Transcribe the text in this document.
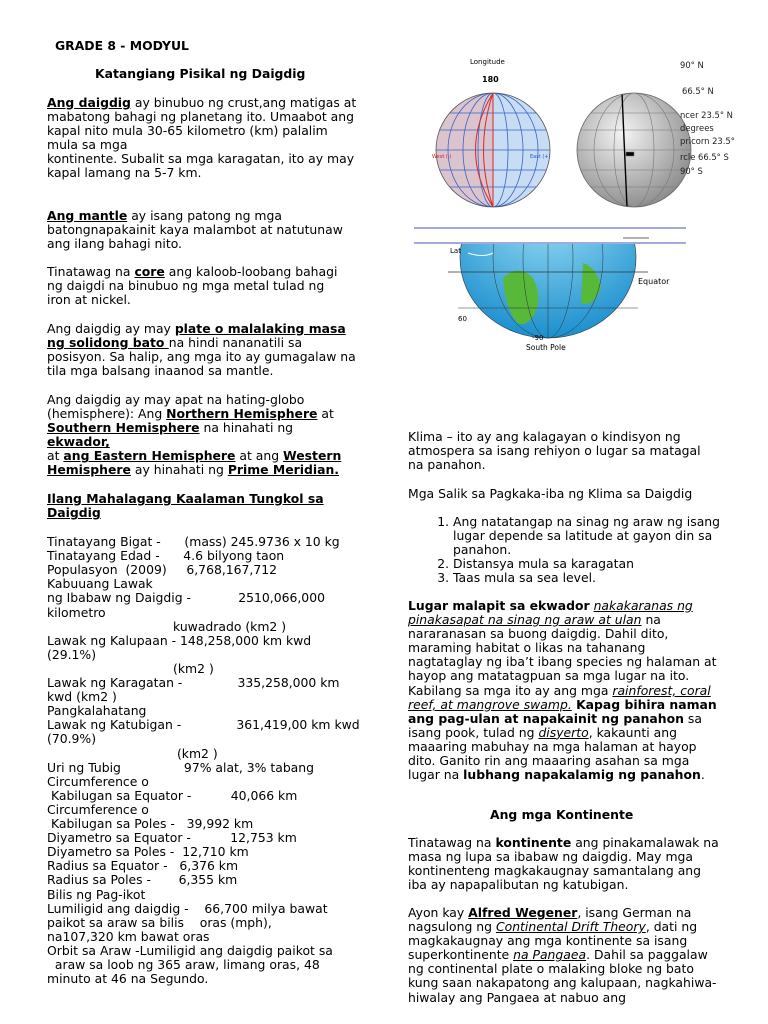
GRADE 8 - MODYUL
Katangiang Pisikal ng Daigdig

Ang daigdig ay binubuo ng crust,ang matigas at mabatong bahagi ng planetang ito. Umaabot ang kapal nito mula 30-65 kilometro (km) palalim mula sa mga
kontinente. Subalit sa mga karagatan, ito ay may kapal lamang na 5-7 km.

Ang mantle ay isang patong ng mga batongnapakainit kaya malambot at natutunaw ang ilang bahagi nito.

Tinatawag na core ang kaloob-loobang bahagi ng daigdi na binubuo ng mga metal tulad ng iron at nickel.

Ang daigdig ay may plate o malalaking masa ng solidong bato na hindi nananatili sa posisyon. Sa halip, ang mga ito ay gumagalaw na tila mga balsang inaanod sa mantle.

Ang daigdig ay may apat na hating-globo (hemisphere): Ang Northern Hemisphere at Southern Hemisphere na hinahati ng ekwador,
at ang Eastern Hemisphere at ang Western Hemisphere ay hinahati ng Prime Meridian.

Ilang Mahalagang Kaalaman Tungkol sa Daigdig

Tinatayang Bigat -      (mass) 245.9736 x 10 kg
Tinatayang Edad -      4.6 bilyong taon
Populasyon  (2009)     6,768,167,712
Kabuuang Lawak
ng Ibabaw ng Daigdig -            2510,066,000
kilometro
kuwadrado (km2 )
Lawak ng Kalupaan - 148,258,000 km kwd
(29.1%)
(km2 )
Lawak ng Karagatan -              335,258,000 km
kwd (km2 )
Pangkalahatang
Lawak ng Katubigan -              361,419,00 km kwd
(70.9%)
(km2 )
Uri ng Tubig                97% alat, 3% tabang
Circumference o
Kabilugan sa Equator -          40,066 km
Circumference o
Kabilugan sa Poles -   39,992 km
Diyametro sa Equator -          12,753 km
Diyametro sa Poles -  12,710 km
Radius sa Equator -   6,376 km
Radius sa Poles -       6,355 km
Bilis ng Pag-ikot
Lumiligid ang daigdig -    66,700 milya bawat
paikot sa araw sa bilis    oras (mph),
na107,320 km bawat oras
Orbit sa Araw -Lumiligid ang daigdig paikot sa
araw sa loob ng 365 araw, limang oras, 48
minuto at 46 na Segundo.
Longitude
180
West (-)	East (+)
90° N
66.5° N
ncer 23.5° N
degrees
pricorn 23.5° S
rcle 66.5° S
90° S
Equator
Lat
60
-90
South Pole

Klima – ito ay ang kalagayan o kindisyon ng atmospera sa isang rehiyon o lugar sa matagal na panahon.

Mga Salik sa Pagkaka-iba ng Klima sa Daigdig

1. Ang natatangap na sinag ng araw ng isang lugar depende sa latitude at gayon din sa panahon.
2. Distansya mula sa karagatan
3. Taas mula sa sea level.

Lugar malapit sa ekwador nakakaranas ng pinakasapat na sinag ng araw at ulan na nararanasan sa buong daigdig. Dahil dito, maraming habitat o likas na tahanang nagtataglay ng iba’t ibang species ng halaman at hayop ang matatagpuan sa mga lugar na ito. Kabilang sa mga ito ay ang mga rainforest, coral reef, at mangrove swamp. Kapag bihira naman ang pag-ulan at napakainit ng panahon sa isang pook, tulad ng disyerto, kakaunti ang maaaring mabuhay na mga halaman at hayop dito. Ganito rin ang maaaring asahan sa mga lugar na lubhang napakalamig ng panahon.

Ang mga Kontinente

Tinatawag na kontinente ang pinakamalawak na masa ng lupa sa ibabaw ng daigdig. May mga kontinenteng magkakaugnay samantalang ang iba ay napapalibutan ng katubigan.

Ayon kay Alfred Wegener, isang German na nagsulong ng Continental Drift Theory, dati ng magkakaugnay ang mga kontinente sa isang superkontinente na Pangaea. Dahil sa paggalaw ng continental plate o malaking bloke ng bato kung saan nakapatong ang kalupaan, nagkahiwa-hiwalay ang Pangaea at nabuo ang
